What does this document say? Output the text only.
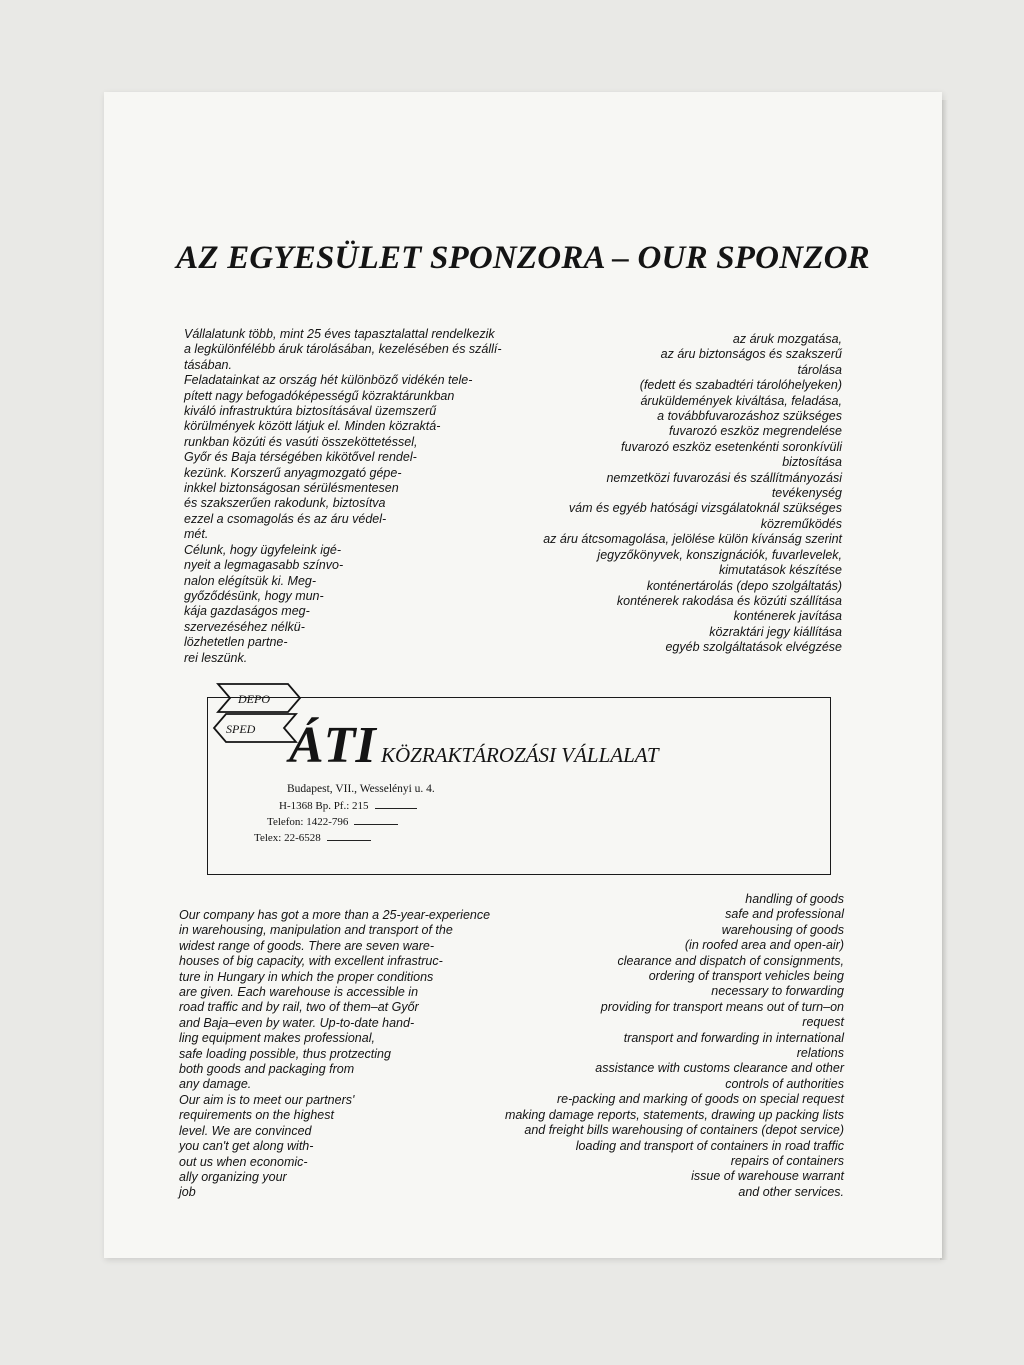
AZ EGYESÜLET SPONZORA – OUR SPONZOR
Vállalatunk több, mint 25 éves tapasztalattal rendelkezik
a legkülönfélébb áruk tárolásában, kezelésében és szállí-
tásában.
Feladatainkat az ország hét különböző vidékén tele-
pített nagy befogadóképességű közraktárunkban
kiváló infrastruktúra biztosításával üzemszerű
körülmények között látjuk el. Minden közraktá-
runkban közúti és vasúti összeköttetéssel,
Győr és Baja térségében kikötővel rendel-
kezünk. Korszerű anyagmozgató gépe-
inkkel biztonságosan sérülésmentesen
és szakszerűen rakodunk, biztosítva
ezzel a csomagolás és az áru védel-
mét.
Célunk, hogy ügyfeleink igé-
nyeit a legmagasabb színvo-
nalon elégítsük ki. Meg-
győződésünk, hogy mun-
kája gazdaságos meg-
szervezéséhez nélkü-
lözhetetlen partne-
rei leszünk.
az áruk mozgatása,
az áru biztonságos és szakszerű
tárolása
(fedett és szabadtéri tárolóhelyeken)
áruküldemények kiváltása, feladása,
a továbbfuvarozáshoz szükséges
fuvarozó eszköz megrendelése
fuvarozó eszköz esetenkénti soronkívüli
biztosítása
nemzetközi fuvarozási és szállítmányozási
tevékenység
vám és egyéb hatósági vizsgálatoknál szükséges
közreműködés
az áru átcsomagolása, jelölése külön kívánság szerint
jegyzőkönyvek, konszignációk, fuvarlevelek,
kimutatások készítése
konténertárolás (depo szolgáltatás)
konténerek rakodása és közúti szállítása
konténerek javítása
közraktári jegy kiállítása
egyéb szolgáltatások elvégzése
DEPO
SPED ÁTI KÖZRAKTÁROZÁSI VÁLLALAT
Budapest, VII., Wesselényi u. 4.
H-1368 Bp. Pf.: 215
Telefon: 1422-796
Telex: 22-6528
Our company has got a more than a 25-year-experience
in warehousing, manipulation and transport of the
widest range of goods. There are seven ware-
houses of big capacity, with excellent infrastruc-
ture in Hungary in which the proper conditions
are given. Each warehouse is accessible in
road traffic and by rail, two of them–at Győr
and Baja–even by water. Up-to-date hand-
ling equipment makes professional,
safe loading possible, thus protzecting
both goods and packaging from
any damage.
Our aim is to meet our partners'
requirements on the highest
level. We are convinced
you can't get along with-
out us when economic-
ally organizing your
job
handling of goods
safe and professional
warehousing of goods
(in roofed area and open-air)
clearance and dispatch of consignments,
ordering of transport vehicles being
necessary to forwarding
providing for transport means out of turn–on
request
transport and forwarding in international
relations
assistance with customs clearance and other
controls of authorities
re-packing and marking of goods on special request
making damage reports, statements, drawing up packing lists
and freight bills warehousing of containers (depot service)
loading and transport of containers in road traffic
repairs of containers
issue of warehouse warrant
and other services.
